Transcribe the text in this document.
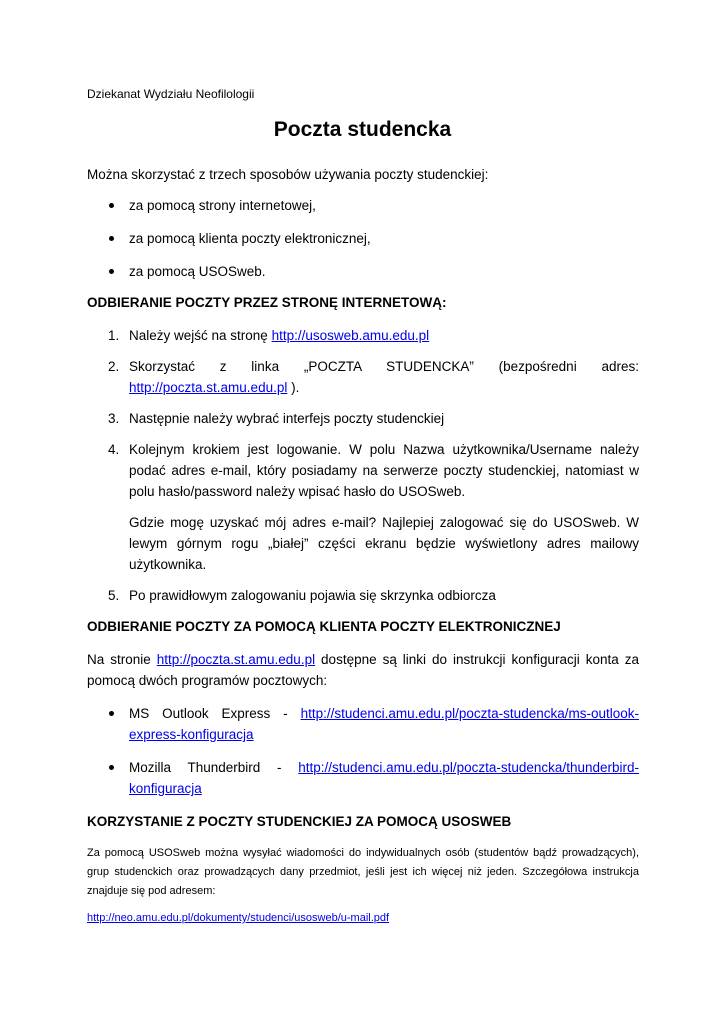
Dziekanat Wydziału Neofilologii
Poczta studencka

Można skorzystać z trzech sposobów używania poczty studenckiej:

za pomocą strony internetowej,
za pomocą klienta poczty elektronicznej,
za pomocą USOSweb.
ODBIERANIE POCZTY PRZEZ STRONĘ INTERNETOWĄ:
1. Należy wejść na stronę http://usosweb.amu.edu.pl
2. Skorzystać z linka „POCZTA STUDENCKA” (bezpośredni adres: http://poczta.st.amu.edu.pl ).
3. Następnie należy wybrać interfejs poczty studenckiej
4. Kolejnym krokiem jest logowanie. W polu Nazwa użytkownika/Username należy podać adres e-mail, który posiadamy na serwerze poczty studenckiej, natomiast w polu hasło/password należy wpisać hasło do USOSweb.
Gdzie mogę uzyskać mój adres e-mail? Najlepiej zalogować się do USOSweb. W lewym górnym rogu „białej” części ekranu będzie wyświetlony adres mailowy użytkownika.
5. Po prawidłowym zalogowaniu pojawia się skrzynka odbiorcza
ODBIERANIE POCZTY ZA POMOCĄ KLIENTA POCZTY ELEKTRONICZNEJ

Na stronie http://poczta.st.amu.edu.pl dostępne są linki do instrukcji konfiguracji konta za pomocą dwóch programów pocztowych:

MS Outlook Express - http://studenci.amu.edu.pl/poczta-studencka/ms-outlook-express-konfiguracja
Mozilla Thunderbird - http://studenci.amu.edu.pl/poczta-studencka/thunderbird-konfiguracja
KORZYSTANIE Z POCZTY STUDENCKIEJ ZA POMOCĄ USOSWEB

Za pomocą USOSweb można wysyłać wiadomości do indywidualnych osób (studentów bądź prowadzących), grup studenckich oraz prowadzących dany przedmiot, jeśli jest ich więcej niż jeden. Szczegółowa instrukcja znajduje się pod adresem:

http://neo.amu.edu.pl/dokumenty/studenci/usosweb/u-mail.pdf
